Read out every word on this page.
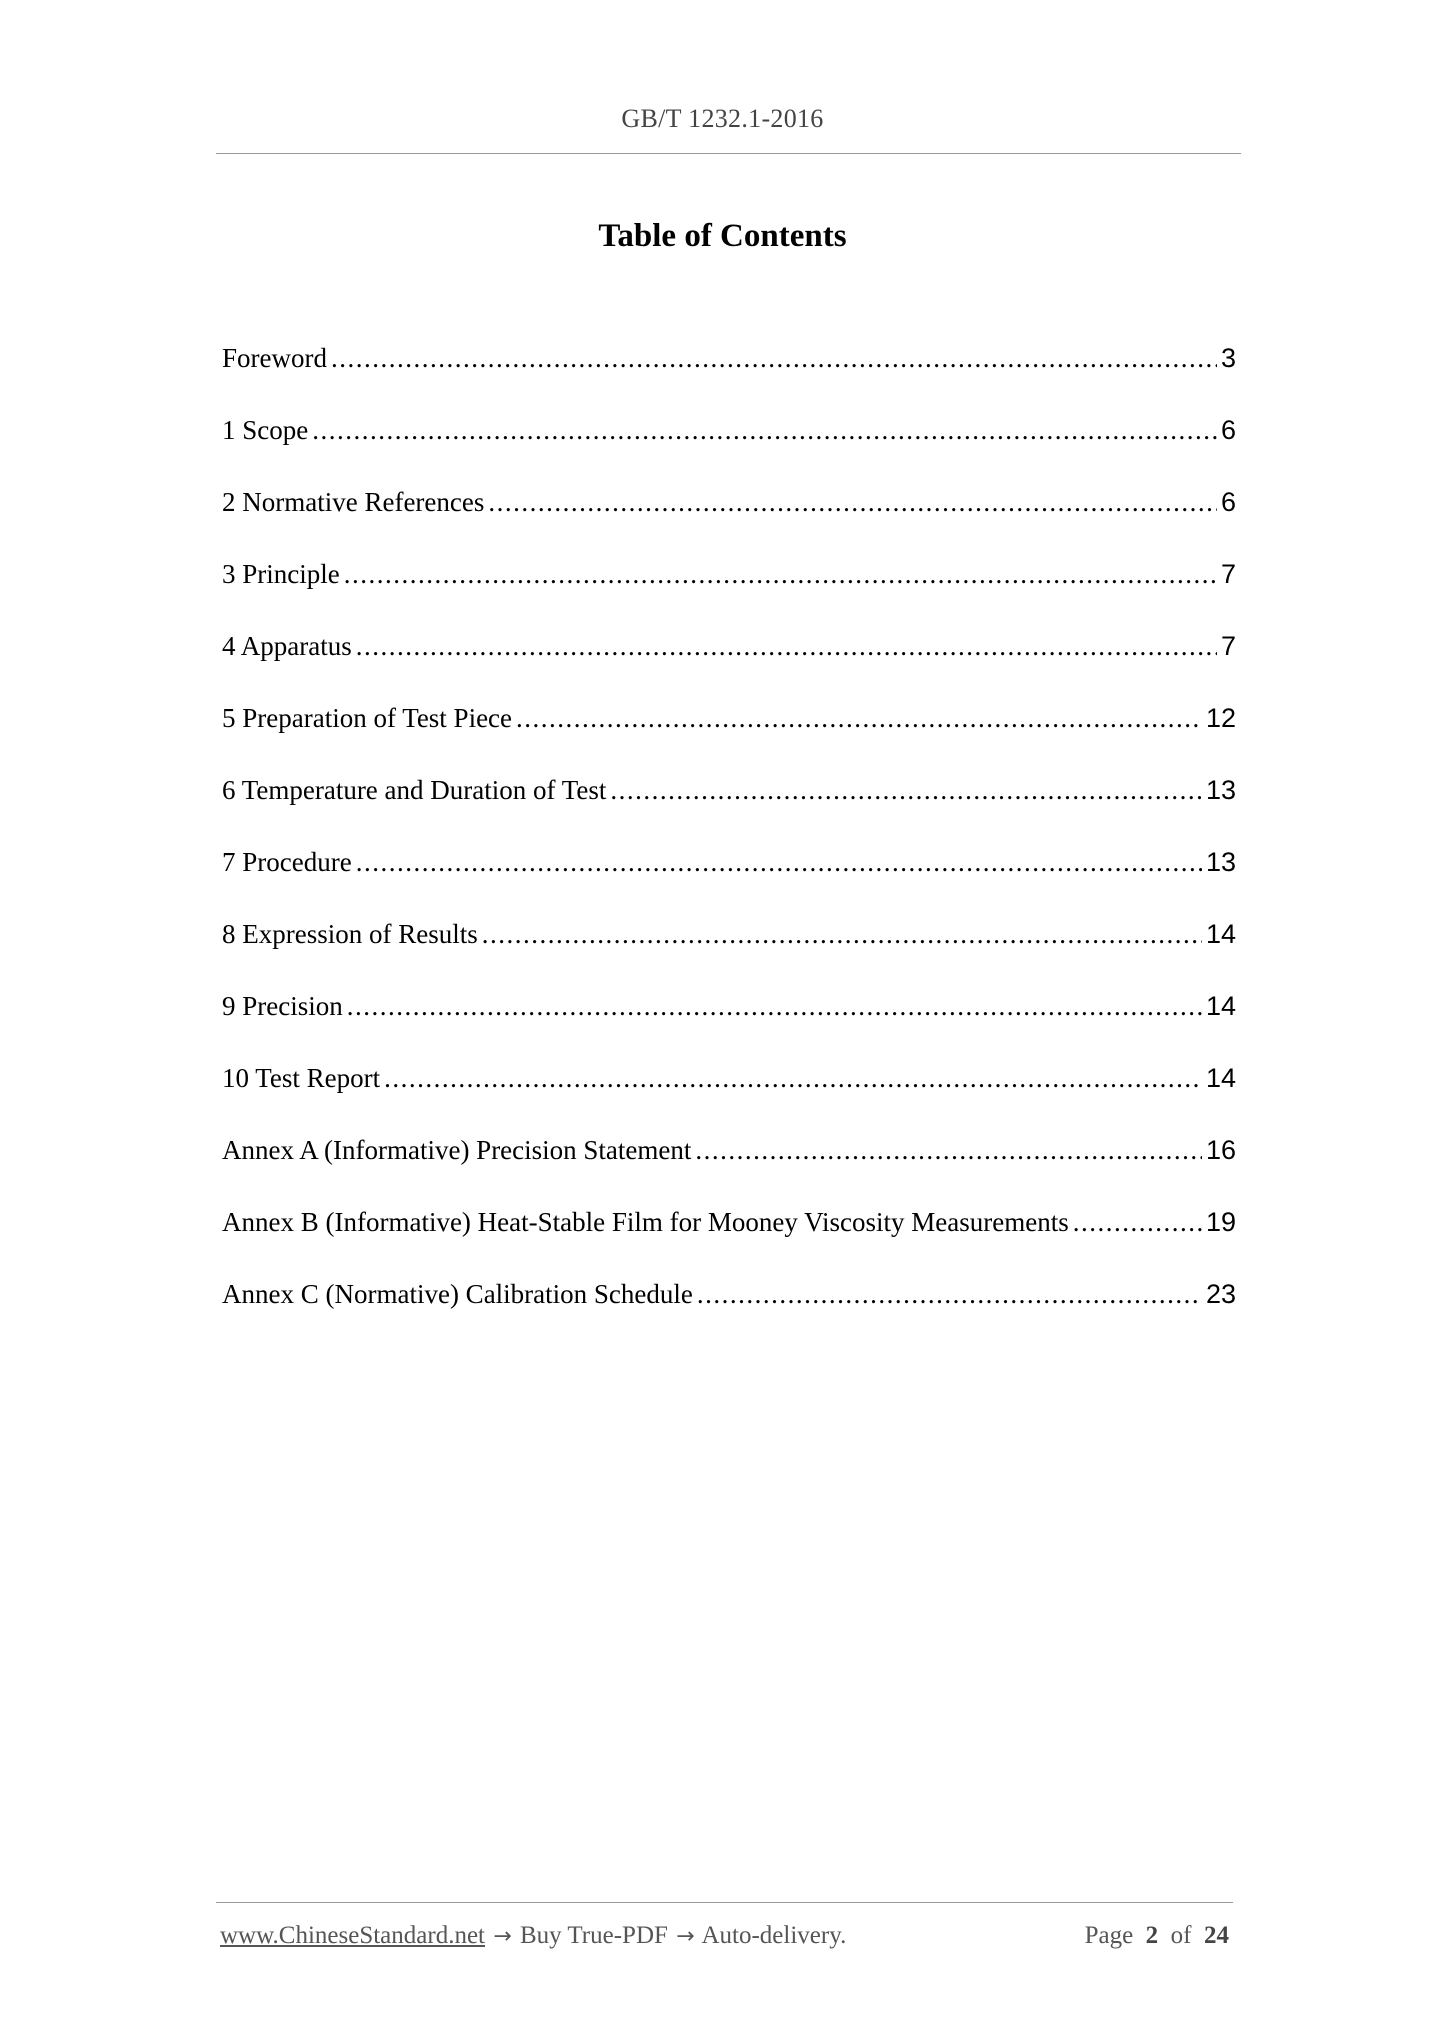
GB/T 1232.1-2016
Table of Contents
Foreword .....	3
1 Scope .....	6
2 Normative References .....	6
3 Principle .....	7
4 Apparatus .....	7
5 Preparation of Test Piece .....	12
6 Temperature and Duration of Test .....	13
7 Procedure .....	13
8 Expression of Results .....	14
9 Precision .....	14
10 Test Report .....	14
Annex A (Informative) Precision Statement .....	16
Annex B (Informative) Heat-Stable Film for Mooney Viscosity Measurements .....	19
Annex C (Normative) Calibration Schedule .....	23
www.ChineseStandard.net → Buy True-PDF → Auto-delivery.	Page 2 of 24
